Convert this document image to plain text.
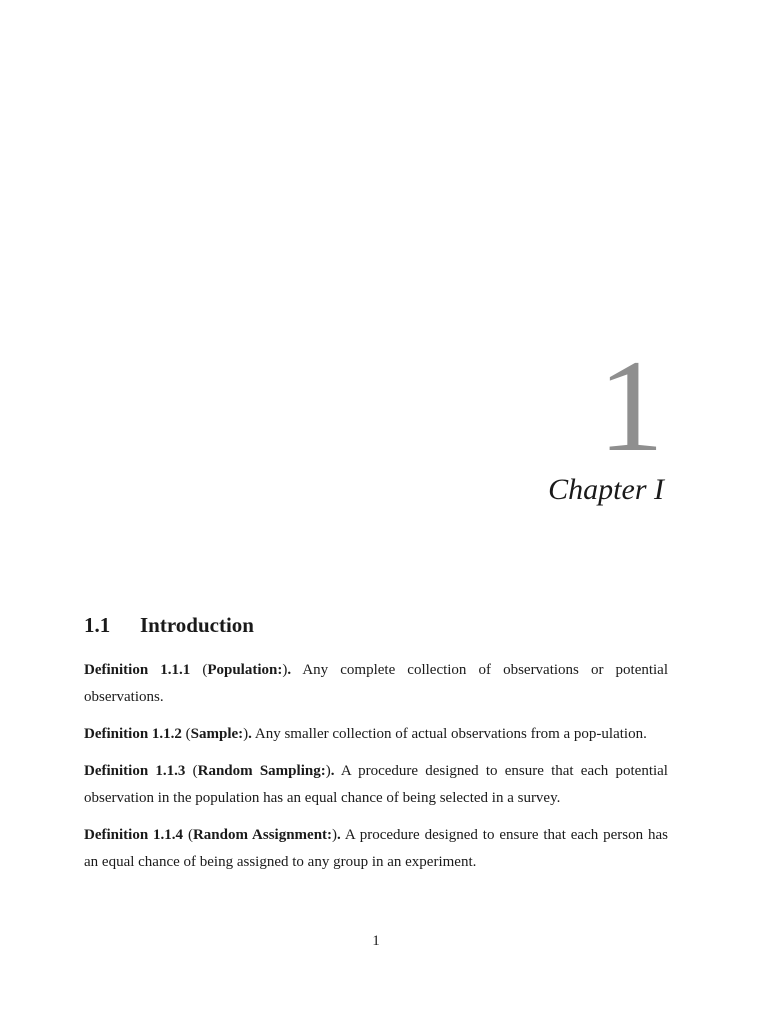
1
Chapter I
1.1 Introduction

Definition 1.1.1 (Population:). Any complete collection of observations or potential observations.

Definition 1.1.2 (Sample:). Any smaller collection of actual observations from a pop-ulation.

Definition 1.1.3 (Random Sampling:). A procedure designed to ensure that each potential observation in the population has an equal chance of being selected in a survey.

Definition 1.1.4 (Random Assignment:). A procedure designed to ensure that each person has an equal chance of being assigned to any group in an experiment.

1
